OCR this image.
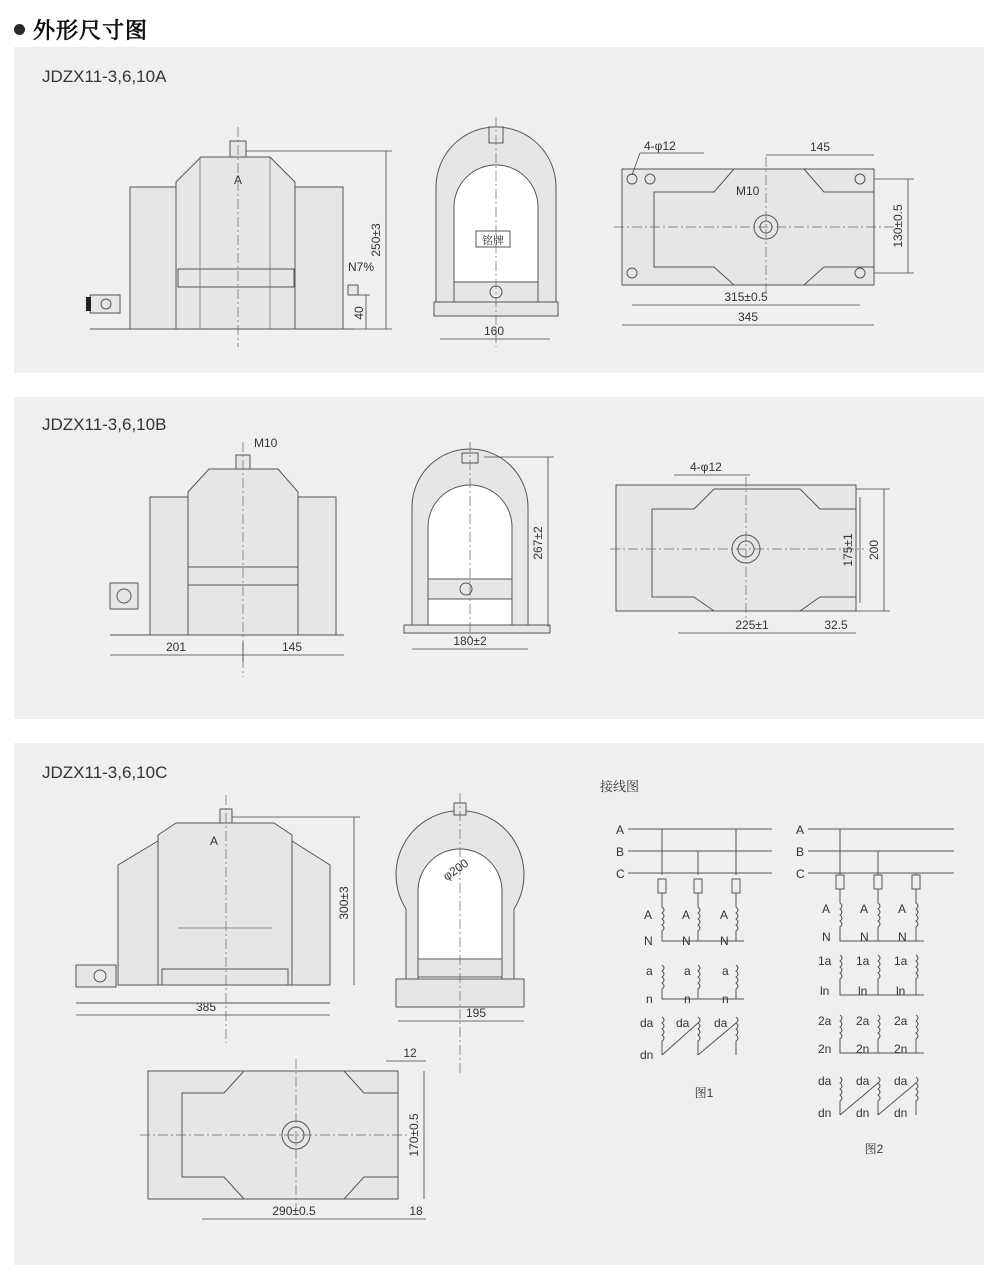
外形尺寸图
JDZX11-3,6,10A
A
250±3
40
N7%
铭牌
160
4-φ12
M10
145
130±0.5
315±0.5
345
JDZX11-3,6,10B
M10
201	145
267±2
180±2
4-φ12
175±1 200
225±1	32.5
JDZX11-3,6,10C
A
300±3
385
φ200
195
12
170±0.5
290±0.5	18
接线图
A
B
C
A A A
N N N
a	a	a
n	n	n
da da da
dn
图1
A
B
C
A A A
N N N
1a 1a 1a
ln ln ln
2a 2a 2a
2n 2n 2n
da da da
dn dn dn
图2
